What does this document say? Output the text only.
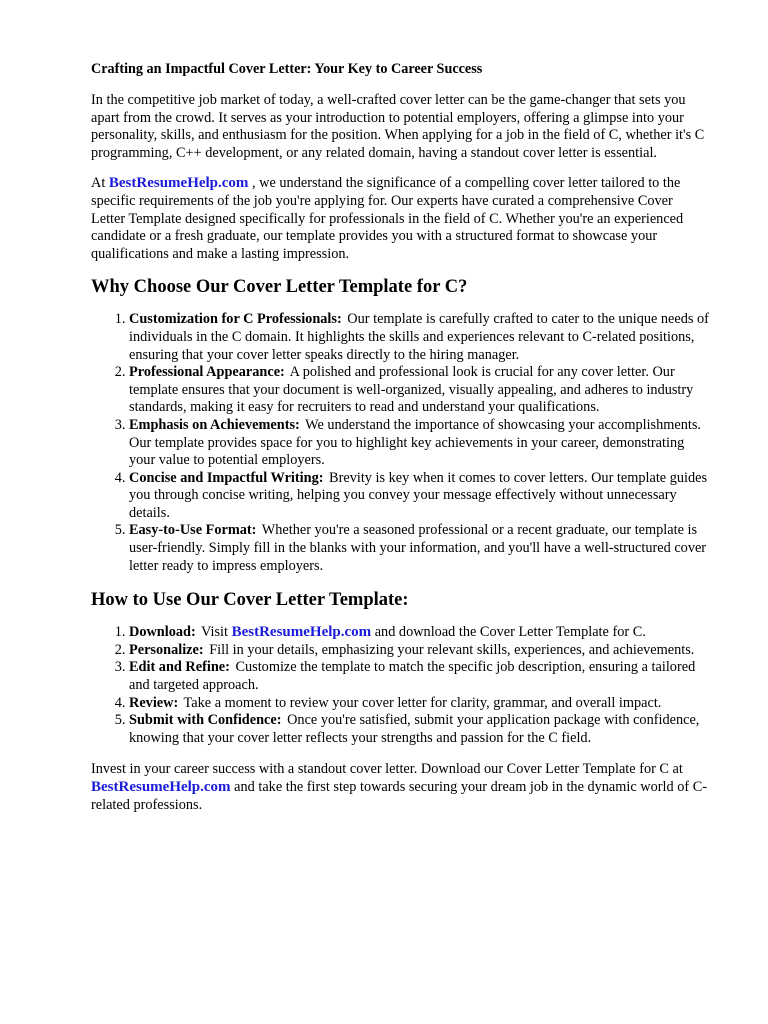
Crafting an Impactful Cover Letter: Your Key to Career Success

In the competitive job market of today, a well-crafted cover letter can be the game-changer that sets you apart from the crowd. It serves as your introduction to potential employers, offering a glimpse into your personality, skills, and enthusiasm for the position. When applying for a job in the field of C, whether it's C programming, C++ development, or any related domain, having a standout cover letter is essential.

At BestResumeHelp.com , we understand the significance of a compelling cover letter tailored to the specific requirements of the job you're applying for. Our experts have curated a comprehensive Cover Letter Template designed specifically for professionals in the field of C. Whether you're an experienced candidate or a fresh graduate, our template provides you with a structured format to showcase your qualifications and make a lasting impression.

Why Choose Our Cover Letter Template for C?
1. Customization for C Professionals: Our template is carefully crafted to cater to the unique needs of individuals in the C domain. It highlights the skills and experiences relevant to C-related positions, ensuring that your cover letter speaks directly to the hiring manager.
2. Professional Appearance: A polished and professional look is crucial for any cover letter. Our template ensures that your document is well-organized, visually appealing, and adheres to industry standards, making it easy for recruiters to read and understand your qualifications.
3. Emphasis on Achievements: We understand the importance of showcasing your accomplishments. Our template provides space for you to highlight key achievements in your career, demonstrating your value to potential employers.
4. Concise and Impactful Writing: Brevity is key when it comes to cover letters. Our template guides you through concise writing, helping you convey your message effectively without unnecessary details.
5. Easy-to-Use Format: Whether you're a seasoned professional or a recent graduate, our template is user-friendly. Simply fill in the blanks with your information, and you'll have a well-structured cover letter ready to impress employers.
How to Use Our Cover Letter Template:
1. Download: Visit BestResumeHelp.com and download the Cover Letter Template for C.
2. Personalize: Fill in your details, emphasizing your relevant skills, experiences, and achievements.
3. Edit and Refine: Customize the template to match the specific job description, ensuring a tailored and targeted approach.
4. Review: Take a moment to review your cover letter for clarity, grammar, and overall impact.
5. Submit with Confidence: Once you're satisfied, submit your application package with confidence, knowing that your cover letter reflects your strengths and passion for the C field.

Invest in your career success with a standout cover letter. Download our Cover Letter Template for C at BestResumeHelp.com and take the first step towards securing your dream job in the dynamic world of C-related professions.
